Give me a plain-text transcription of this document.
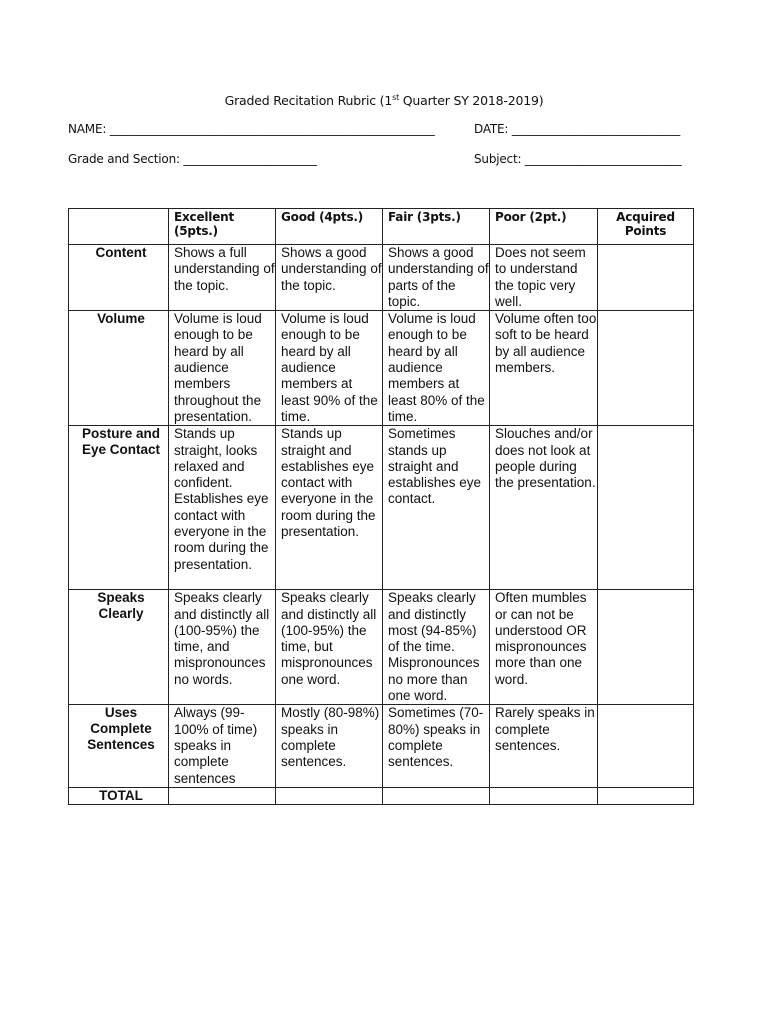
Graded Recitation Rubric (1st Quarter SY 2018-2019)
NAME: ________________________________________________________	DATE: _____________________________
Grade and Section: _______________________	Subject: ___________________________
	Excellent (5pts.)	Good (4pts.)	Fair (3pts.)	Poor (2pt.)	Acquired Points
Content	Shows a full understanding of the topic.	Shows a good understanding of the topic.	Shows a good understanding of parts of the topic.	Does not seem to understand the topic very well.	
Volume	Volume is loud enough to be heard by all audience members throughout the presentation.	Volume is loud enough to be heard by all audience members at least 90% of the time.	Volume is loud enough to be heard by all audience members at least 80% of the time.	Volume often too soft to be heard by all audience members.	
Posture and Eye Contact	Stands up straight, looks relaxed and confident. Establishes eye contact with everyone in the room during the presentation.	Stands up straight and establishes eye contact with everyone in the room during the presentation.	Sometimes stands up straight and establishes eye contact.	Slouches and/or does not look at people during the presentation.	
Speaks Clearly	Speaks clearly and distinctly all (100-95%) the time, and mispronounces no words.	Speaks clearly and distinctly all (100-95%) the time, but mispronounces one word.	Speaks clearly and distinctly most (94-85%) of the time. Mispronounces no more than one word.	Often mumbles or can not be understood OR mispronounces more than one word.	
Uses Complete Sentences	Always (99-100% of time) speaks in complete sentences	Mostly (80-98%) speaks in complete sentences.	Sometimes (70-80%) speaks in complete sentences.	Rarely speaks in complete sentences.	
TOTAL					
